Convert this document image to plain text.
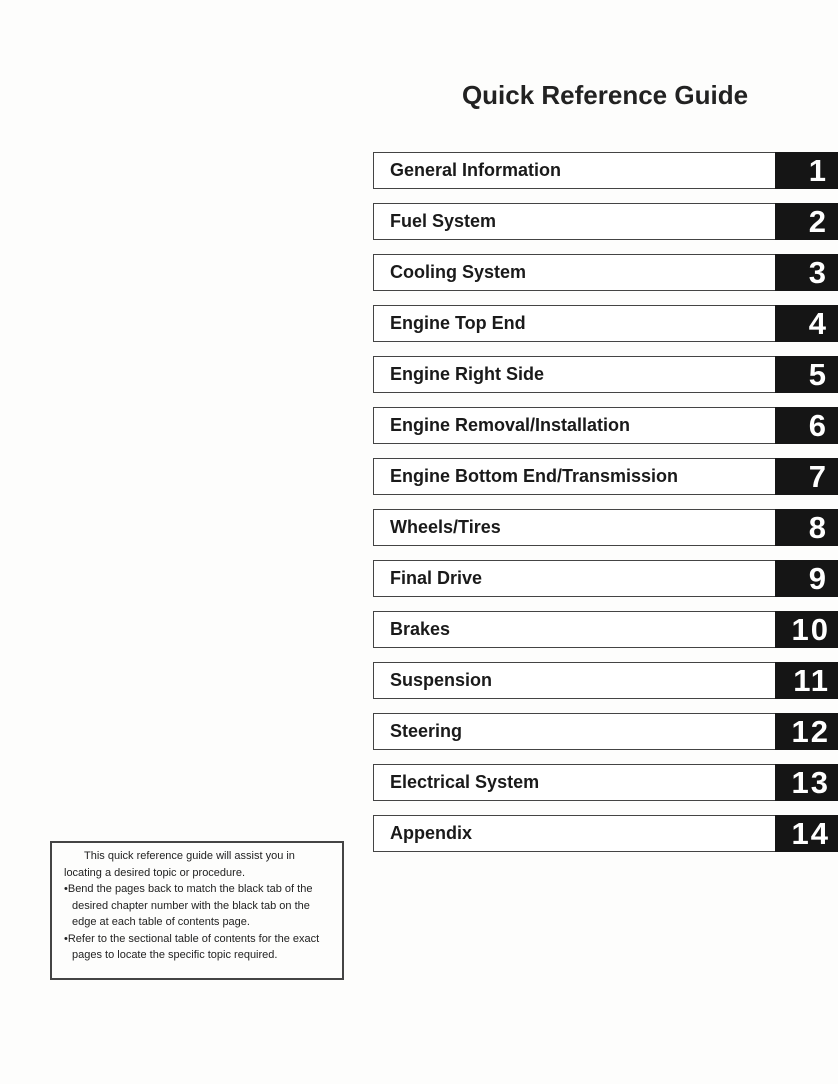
Quick Reference Guide
General Information	1
Fuel System	2
Cooling System	3
Engine Top End	4
Engine Right Side	5
Engine Removal/Installation	6
Engine Bottom End/Transmission	7
Wheels/Tires	8
Final Drive	9
Brakes	10
Suspension	11
Steering	12
Electrical System	13
Appendix	14

This quick reference guide will assist you in locating a desired topic or procedure.

•Bend the pages back to match the black tab of the desired chapter number with the black tab on the edge at each table of contents page.

•Refer to the sectional table of contents for the exact pages to locate the specific topic required.
